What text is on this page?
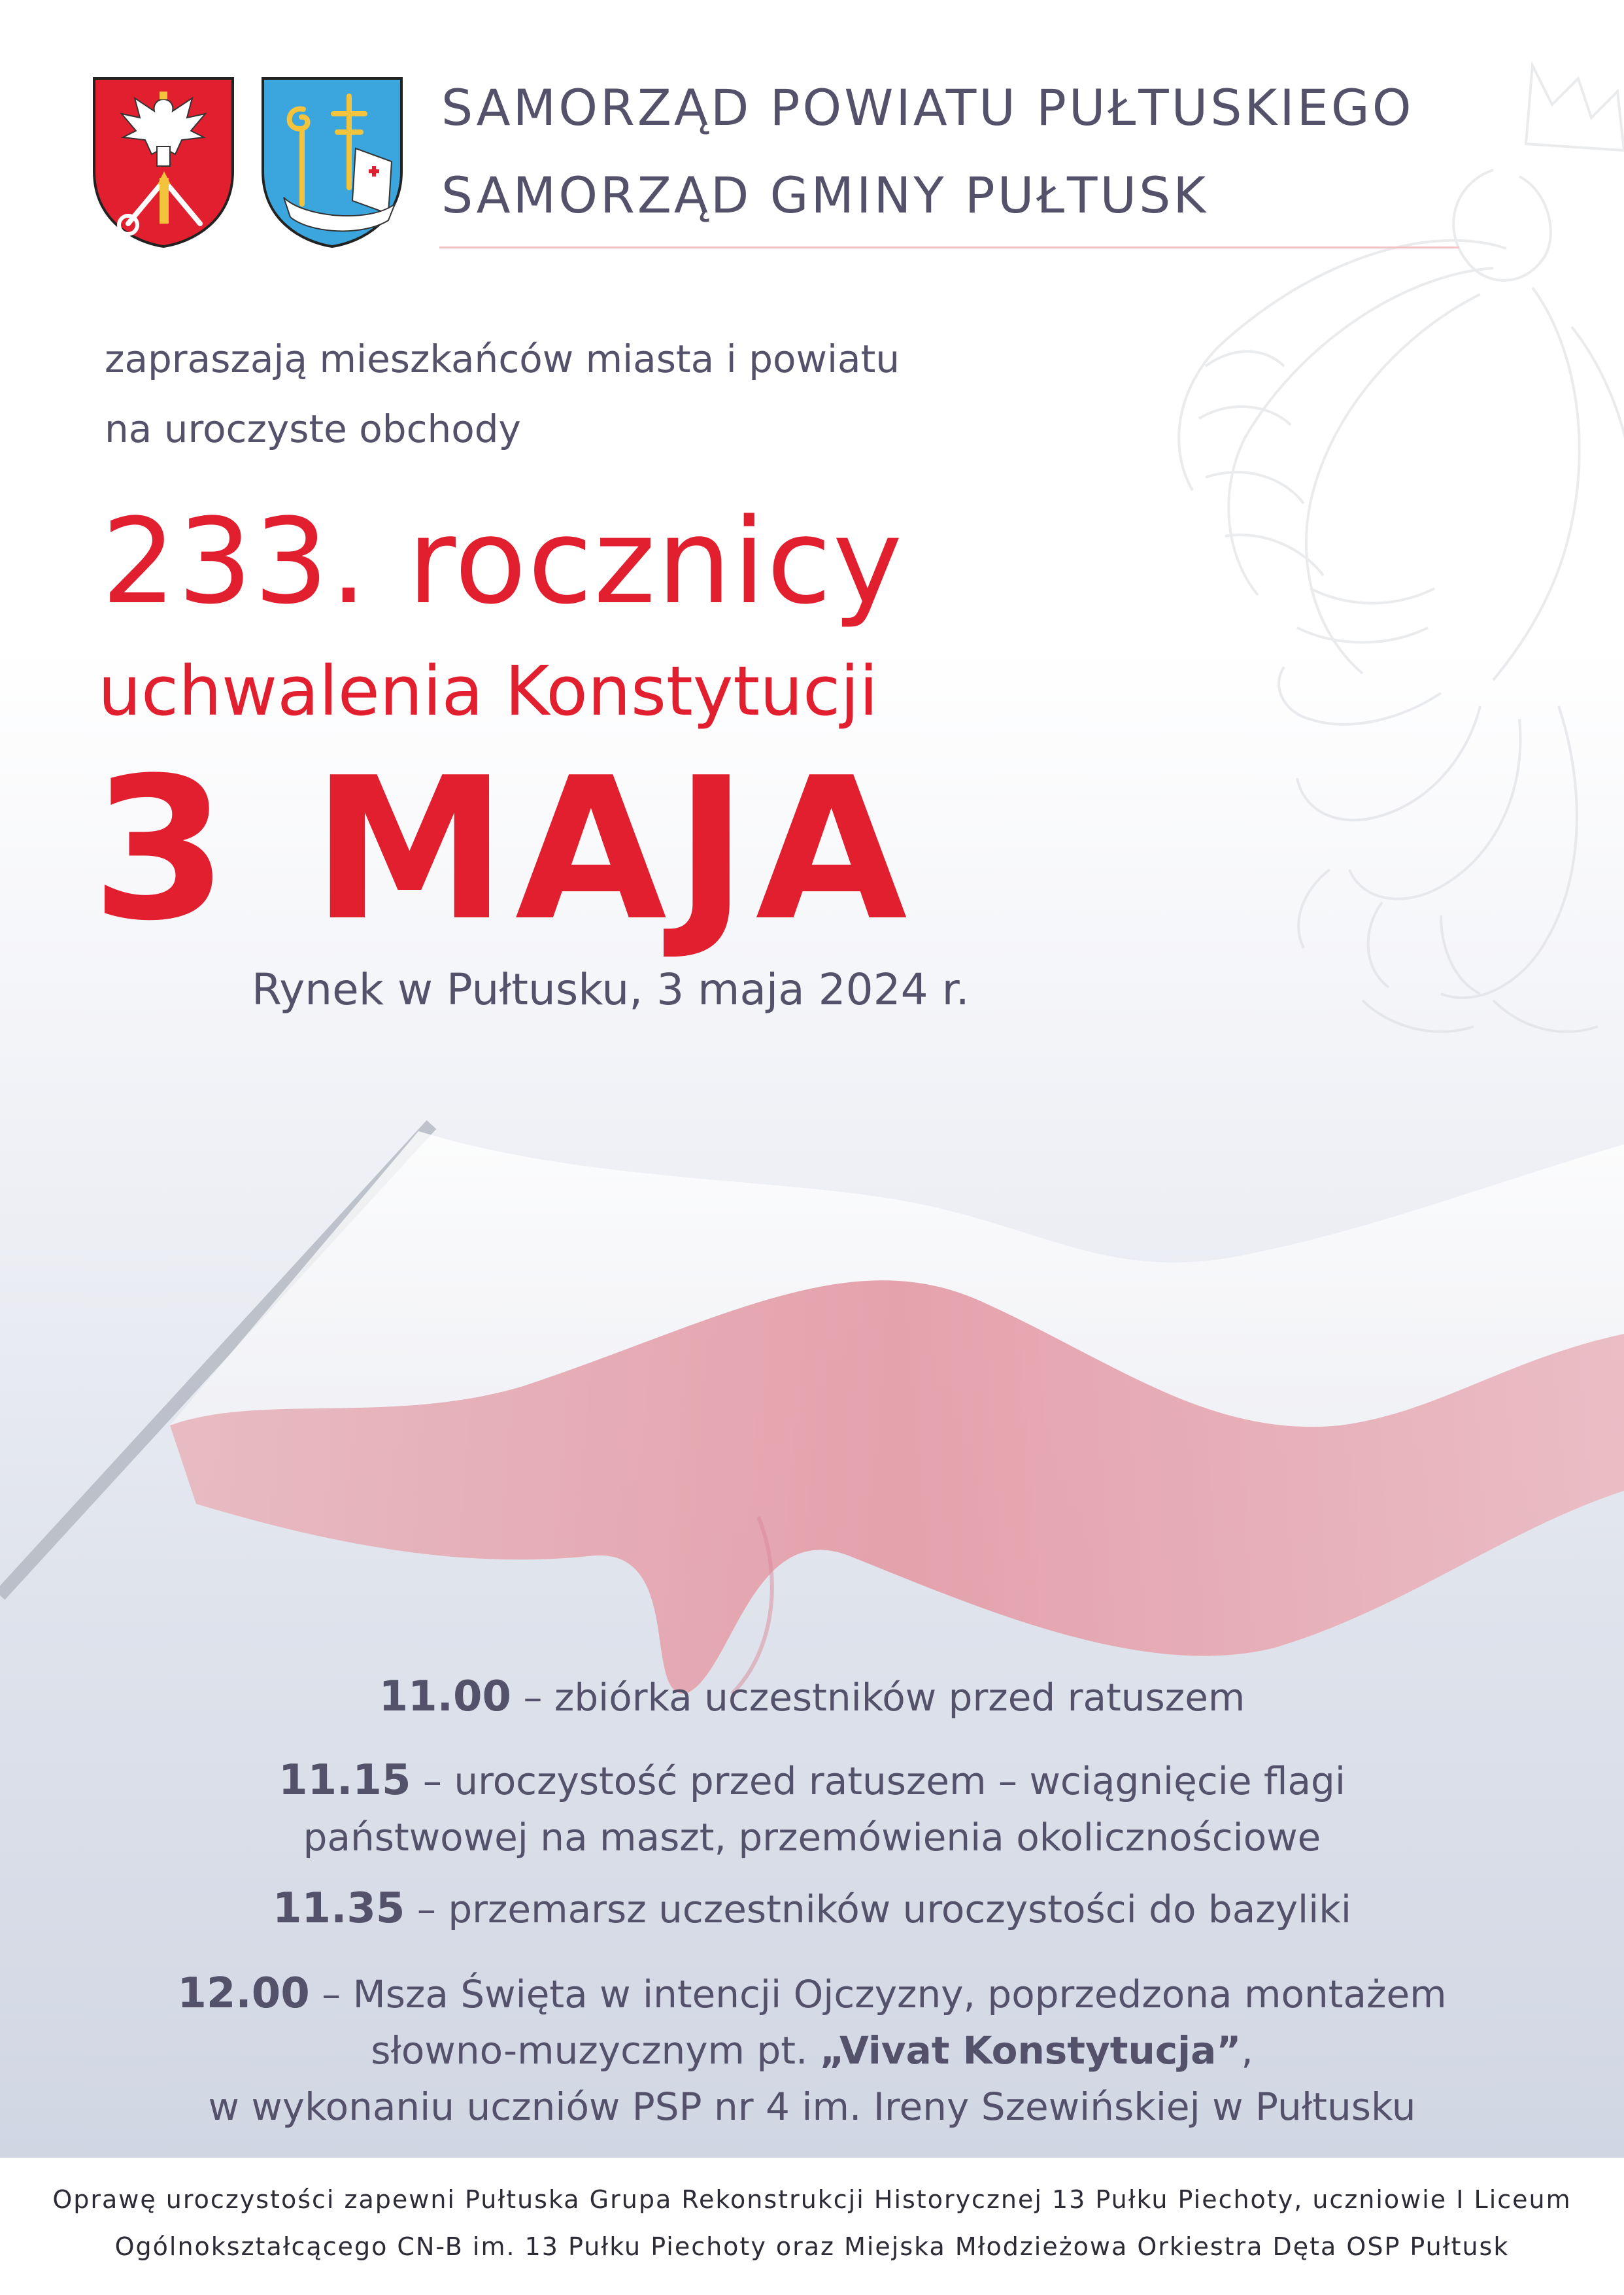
SAMORZĄD POWIATU PUŁTUSKIEGO
SAMORZĄD GMINY PUŁTUSK
zapraszają mieszkańców miasta i powiatu
na uroczyste obchody
233. rocznicy
uchwalenia Konstytucji
3 MAJA
Rynek w Pułtusku, 3 maja 2024 r.
11.00 – zbiórka uczestników przed ratuszem
11.15 – uroczystość przed ratuszem – wciągnięcie flagi
państwowej na maszt, przemówienia okolicznościowe
11.35 – przemarsz uczestników uroczystości do bazyliki
12.00 – Msza Święta w intencji Ojczyzny, poprzedzona montażem
słowno-muzycznym pt. „Vivat Konstytucja”,
w wykonaniu uczniów PSP nr 4 im. Ireny Szewińskiej w Pułtusku

Oprawę uroczystości zapewni Pułtuska Grupa Rekonstrukcji Historycznej 13 Pułku Piechoty, uczniowie I Liceum

Ogólnokształcącego CN-B im. 13 Pułku Piechoty oraz Miejska Młodzieżowa Orkiestra Dęta OSP Pułtusk
